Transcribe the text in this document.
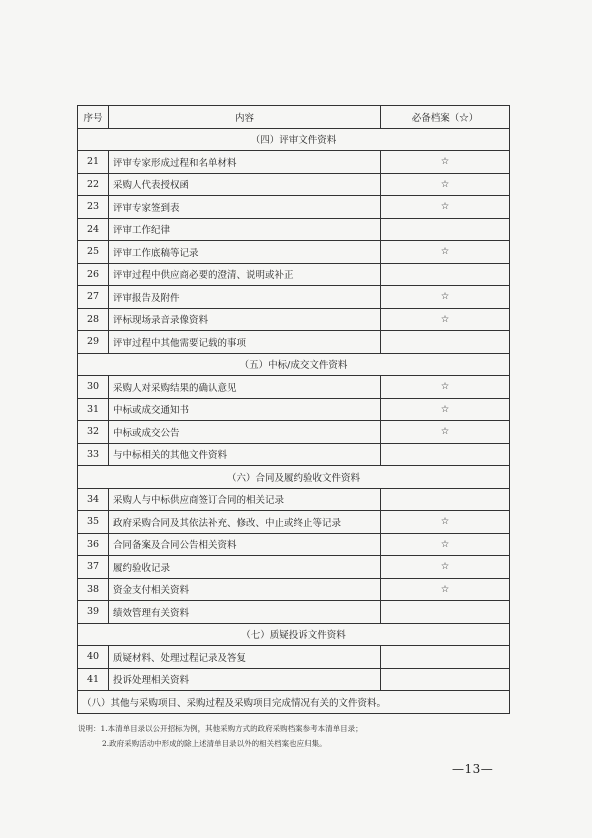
序号	内容	必备档案（☆）
（四）评审文件资料		
21	评审专家形成过程和名单材料	☆
22	采购人代表授权函	☆
23	评审专家签到表	☆
24	评审工作纪律	
25	评审工作底稿等记录	☆
26	评审过程中供应商必要的澄清、说明或补正	
27	评审报告及附件	☆
28	评标现场录音录像资料	☆
29	评审过程中其他需要记载的事项	
（五）中标/成交文件资料		
30	采购人对采购结果的确认意见	☆
31	中标或成交通知书	☆
32	中标或成交公告	☆
33	与中标相关的其他文件资料	
（六）合同及履约验收文件资料		
34	采购人与中标供应商签订合同的相关记录	
35	政府采购合同及其依法补充、修改、中止或终止等记录	☆
36	合同备案及合同公告相关资料	☆
37	履约验收记录	☆
38	资金支付相关资料	☆
39	绩效管理有关资料	
（七）质疑投诉文件资料		
40	质疑材料、处理过程记录及答复	
41	投诉处理相关资料	
（八）其他与采购项目、采购过程及采购项目完成情况有关的文件资料。		
说明：1.本清单目录以公开招标为例，其他采购方式的政府采购档案参考本清单目录；
2.政府采购活动中形成的除上述清单目录以外的相关档案也应归集。
—13—
